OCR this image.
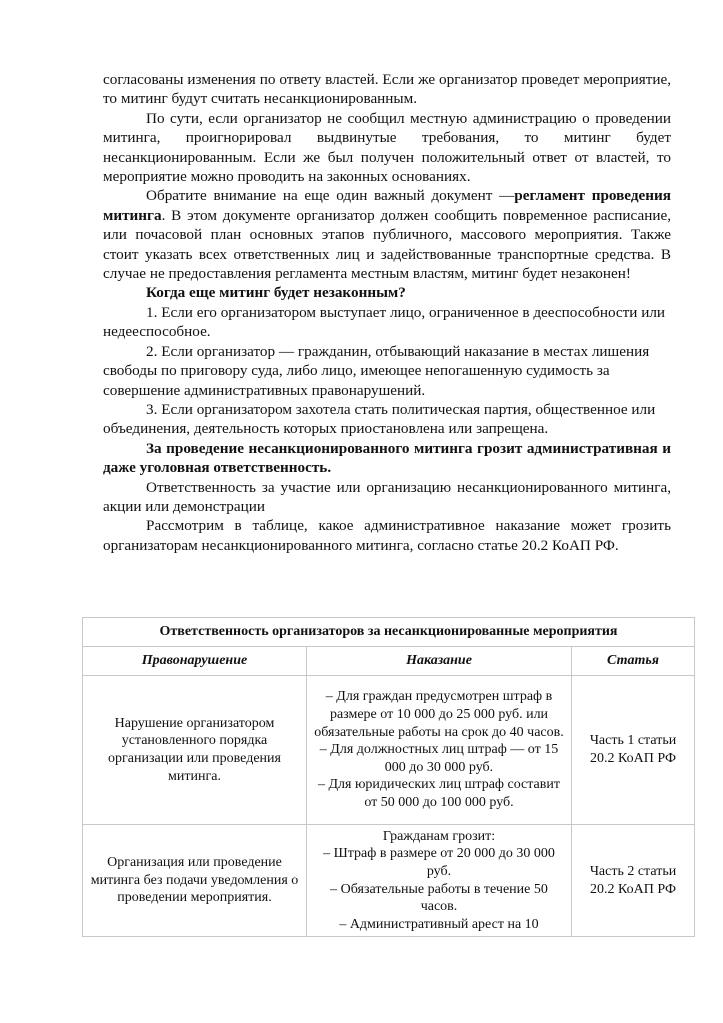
согласованы изменения по ответу властей. Если же организатор проведет мероприятие, то митинг будут считать несанкционированным.

По сути, если организатор не сообщил местную администрацию о проведении митинга, проигнорировал выдвинутые требования, то митинг будет несанкционированным. Если же был получен положительный ответ от властей, то мероприятие можно проводить на законных основаниях.

Обратите внимание на еще один важный документ —регламент проведения митинга. В этом документе организатор должен сообщить повременное расписание, или почасовой план основных этапов публичного, массового мероприятия. Также стоит указать всех ответственных лиц и задействованные транспортные средства. В случае не предоставления регламента местным властям, митинг будет незаконен!

Когда еще митинг будет незаконным?

1. Если его организатором выступает лицо, ограниченное в дееспособности или недееспособное.

2. Если организатор — гражданин, отбывающий наказание в местах лишения свободы по приговору суда, либо лицо, имеющее непогашенную судимость за совершение административных правонарушений.

3. Если организатором захотела стать политическая партия, общественное или объединения, деятельность которых приостановлена или запрещена.

За проведение несанкционированного митинга грозит административная и даже уголовная ответственность.

Ответственность за участие или организацию несанкционированного митинга, акции или демонстрации

Рассмотрим в таблице, какое административное наказание может грозить организаторам несанкционированного митинга, согласно статье 20.2 КоАП РФ.

Ответственность организаторов за несанкционированные мероприятия		
Правонарушение	Наказание	Статья
Нарушение организатором установленного порядка организации или проведения митинга.	– Для граждан предусмотрен штраф в размере от 10 000 до 25 000 руб. или обязательные работы на срок до 40 часов.
– Для должностных лиц штраф — от 15 000 до 30 000 руб.
– Для юридических лиц штраф составит от 50 000 до 100 000 руб.	Часть 1 статьи 20.2 КоАП РФ
Организация или проведение митинга без подачи уведомления о проведении мероприятия.	Гражданам грозит:
– Штраф в размере от 20 000 до 30 000 руб.
– Обязательные работы в течение 50 часов.
– Административный арест на 10	Часть 2 статьи 20.2 КоАП РФ
